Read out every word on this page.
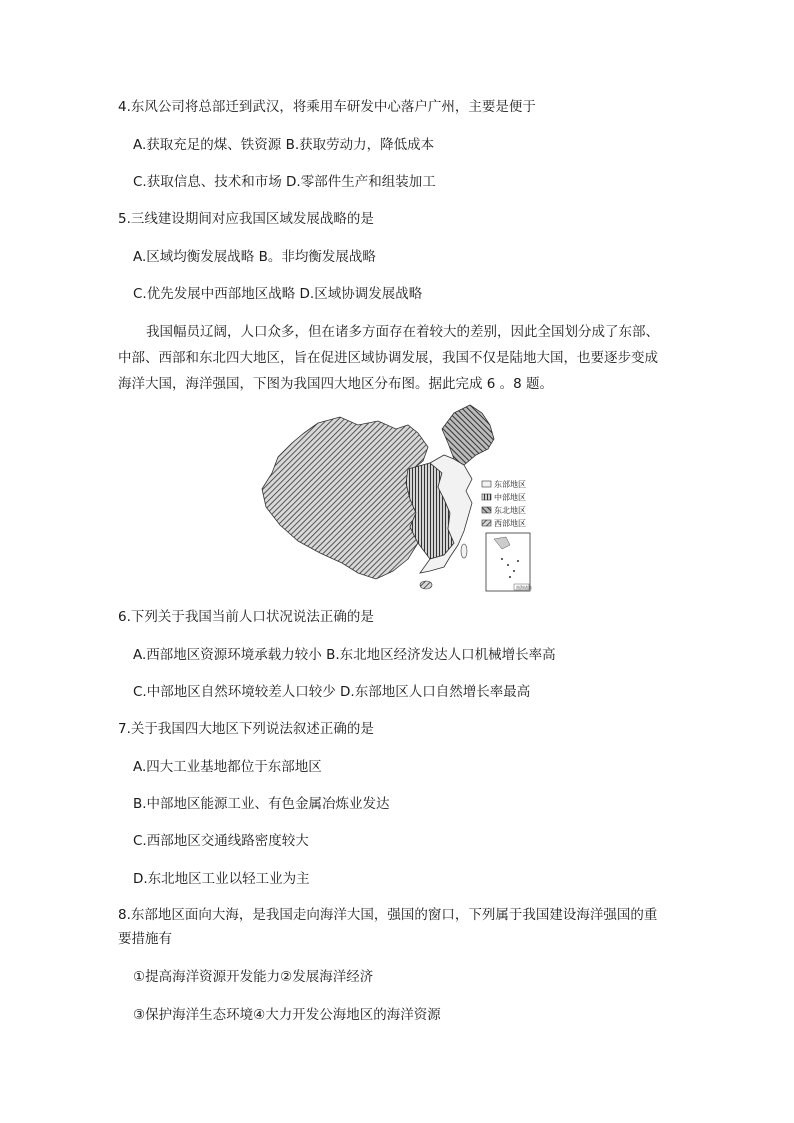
4.东风公司将总部迁到武汉，将乘用车研发中心落户广州，主要是便于
A.获取充足的煤、铁资源 B.获取劳动力，降低成本
C.获取信息、技术和市场 D.零部件生产和组装加工
5.三线建设期间对应我国区域发展战略的是
A.区域均衡发展战略 B。非均衡发展战略
C.优先发展中西部地区战略 D.区域协调发展战略
我国幅员辽阔，人口众多，但在诸多方面存在着较大的差别，因此全国划分成了东部、
中部、西部和东北四大地区，旨在促进区域协调发展，我国不仅是陆地大国，也要逐步变成
海洋大国，海洋强国，下图为我国四大地区分布图。据此完成 6 。8 题。
东部地区
中部地区
东北地区
西部地区
南海诸岛
6.下列关于我国当前人口状况说法正确的是
A.西部地区资源环境承载力较小 B.东北地区经济发达人口机械增长率高
C.中部地区自然环境较差人口较少 D.东部地区人口自然增长率最高
7.关于我国四大地区下列说法叙述正确的是
A.四大工业基地都位于东部地区
B.中部地区能源工业、有色金属冶炼业发达
C.西部地区交通线路密度较大
D.东北地区工业以轻工业为主
8.东部地区面向大海，是我国走向海洋大国，强国的窗口，下列属于我国建设海洋强国的重
要措施有
①提高海洋资源开发能力②发展海洋经济
③保护海洋生态环境④大力开发公海地区的海洋资源
